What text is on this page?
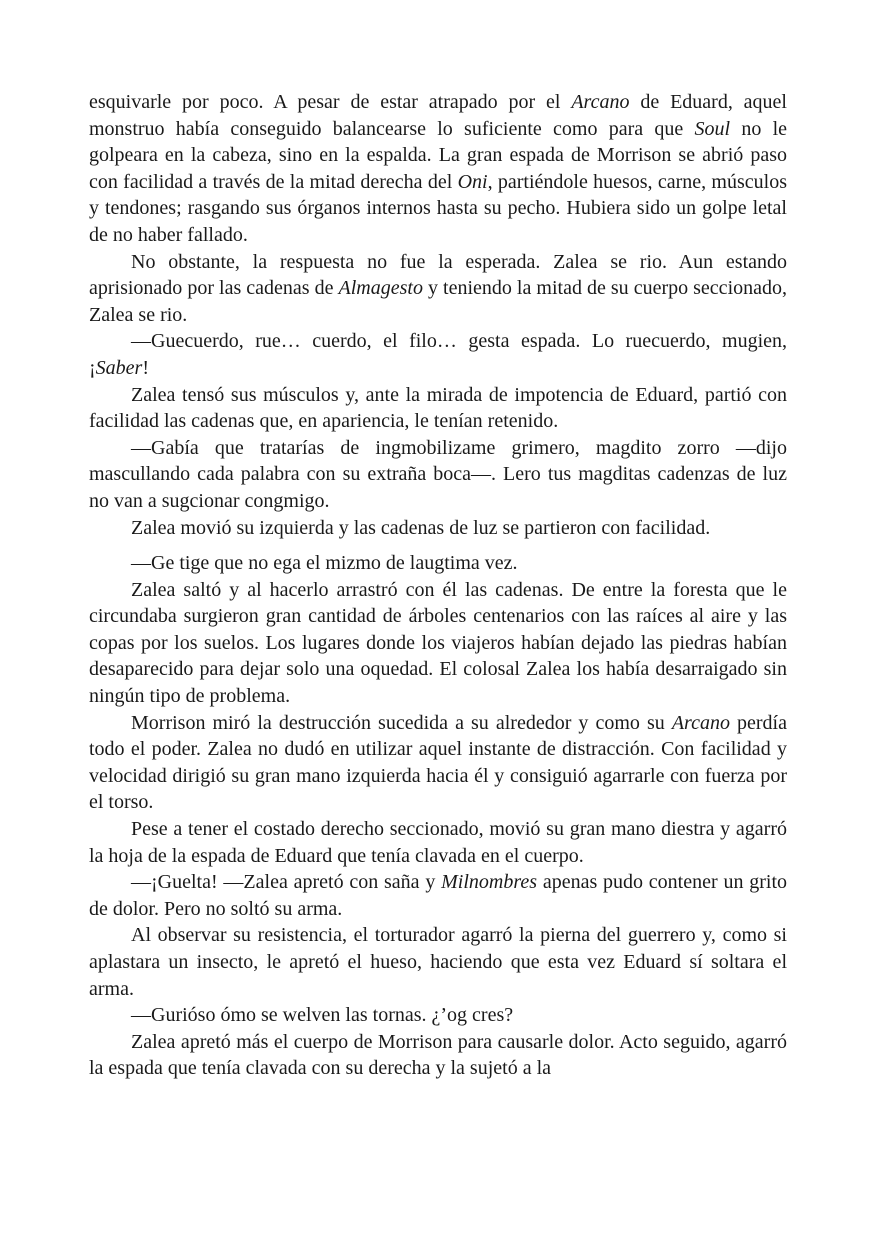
esquivarle por poco. A pesar de estar atrapado por el Arcano de Eduard, aquel monstruo había conseguido balancearse lo suficiente como para que Soul no le golpeara en la cabeza, sino en la espalda. La gran espada de Morrison se abrió paso con facilidad a través de la mitad derecha del Oni, partiéndole huesos, carne, músculos y tendones; rasgando sus órganos internos hasta su pecho. Hubiera sido un golpe letal de no haber fallado.

No obstante, la respuesta no fue la esperada. Zalea se rio. Aun estando aprisionado por las cadenas de Almagesto y teniendo la mitad de su cuerpo seccionado, Zalea se rio.

—Guecuerdo, rue… cuerdo, el filo… gesta espada. Lo ruecuerdo, mugien, ¡Saber!

Zalea tensó sus músculos y, ante la mirada de impotencia de Eduard, partió con facilidad las cadenas que, en apariencia, le tenían retenido.

—Gabía que tratarías de ingmobilizame grimero, magdito zorro —dijo mascullando cada palabra con su extraña boca—. Lero tus magditas cadenzas de luz no van a sugcionar congmigo.

Zalea movió su izquierda y las cadenas de luz se partieron con facilidad.

—Ge tige que no ega el mizmo de laugtima vez.

Zalea saltó y al hacerlo arrastró con él las cadenas. De entre la foresta que le circundaba surgieron gran cantidad de árboles centenarios con las raíces al aire y las copas por los suelos. Los lugares donde los viajeros habían dejado las piedras habían desaparecido para dejar solo una oquedad. El colosal Zalea los había desarraigado sin ningún tipo de problema.

Morrison miró la destrucción sucedida a su alrededor y como su Arcano perdía todo el poder. Zalea no dudó en utilizar aquel instante de distracción. Con facilidad y velocidad dirigió su gran mano izquierda hacia él y consiguió agarrarle con fuerza por el torso.

Pese a tener el costado derecho seccionado, movió su gran mano diestra y agarró la hoja de la espada de Eduard que tenía clavada en el cuerpo.

—¡Guelta! —Zalea apretó con saña y Milnombres apenas pudo contener un grito de dolor. Pero no soltó su arma.

Al observar su resistencia, el torturador agarró la pierna del guerrero y, como si aplastara un insecto, le apretó el hueso, haciendo que esta vez Eduard sí soltara el arma.

—Guriósо ómo se welven las tornas. ¿’og cres?

Zalea apretó más el cuerpo de Morrison para causarle dolor. Acto seguido, agarró la espada que tenía clavada con su derecha y la sujetó a la
